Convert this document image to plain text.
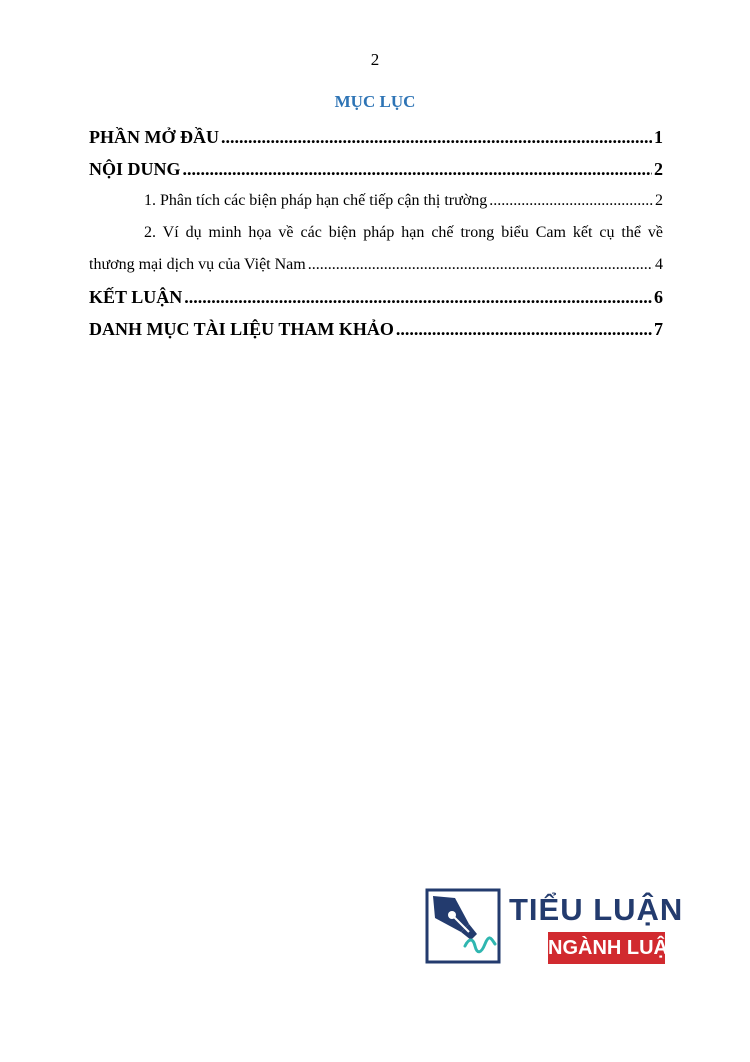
2
MỤC LỤC
PHẦN MỞ ĐẦU .....	1
NỘI DUNG .....	2
1. Phân tích các biện pháp hạn chế tiếp cận thị trường .....	2
2. Ví dụ minh họa về các biện pháp hạn chế trong biểu Cam kết cụ thể về
thương mại dịch vụ của Việt Nam .....	4
KẾT LUẬN .....	6
DANH MỤC TÀI LIỆU THAM KHẢO .....	7
TIỂU LUẬN
NGÀNH LUẬT
